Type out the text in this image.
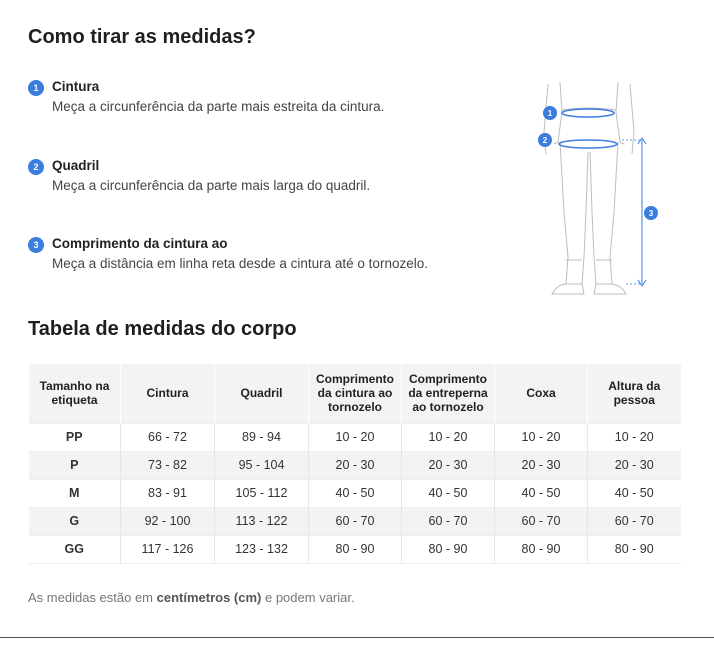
Como tirar as medidas?
1	Cintura
Meça a circunferência da parte mais estreita da cintura.
2	Quadril
Meça a circunferência da parte mais larga do quadril.
3	Comprimento da cintura ao
Meça a distância em linha reta desde a cintura até o tornozelo.
1
2
3
Tabela de medidas do corpo
Tamanho na etiqueta	Cintura	Quadril	Comprimento da cintura ao tornozelo	Comprimento da entreperna ao tornozelo	Coxa	Altura da pessoa
PP	66 - 72	89 - 94	10 - 20	10 - 20	10 - 20	10 - 20
P	73 - 82	95 - 104	20 - 30	20 - 30	20 - 30	20 - 30
M	83 - 91	105 - 112	40 - 50	40 - 50	40 - 50	40 - 50
G	92 - 100	113 - 122	60 - 70	60 - 70	60 - 70	60 - 70
GG	117 - 126	123 - 132	80 - 90	80 - 90	80 - 90	80 - 90

As medidas estão em centímetros (cm) e podem variar.
